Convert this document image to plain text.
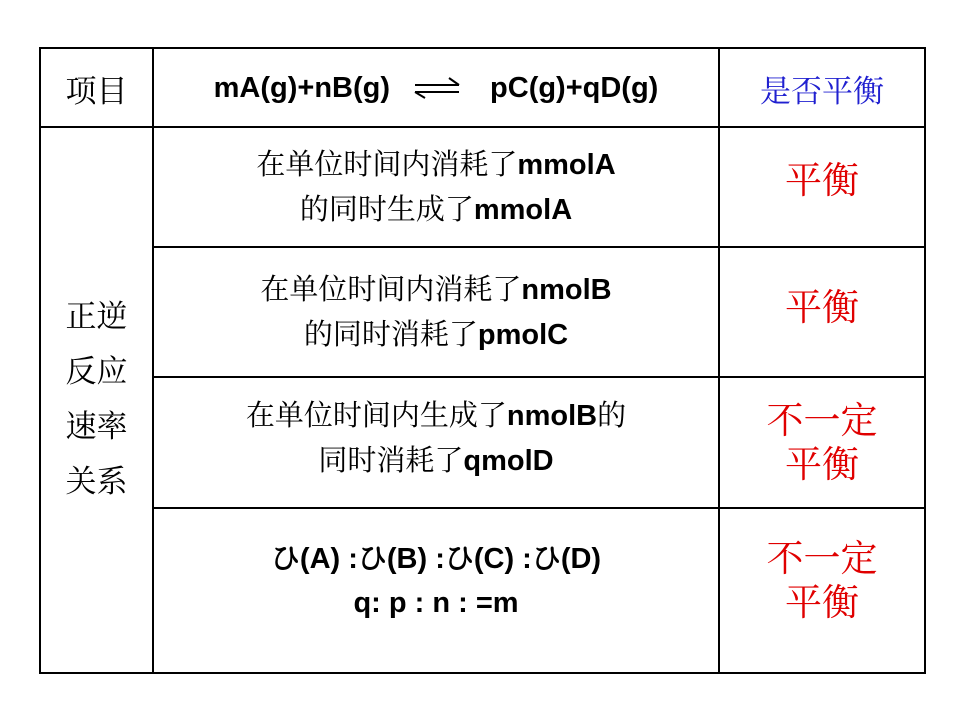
项目	mA(g)+nB(g) ⇌ pC(g)+qD(g)	是否平衡
正逆
反应
速率
关系
在单位时间内消耗了mmolA
的同时生成了mmolA
平衡
在单位时间内消耗了nmolB
的同时消耗了pmolC
平衡
在单位时间内生成了nmolB的
同时消耗了qmolD
不一定
平衡
ひ(A) :ひ(B) :ひ(C) :ひ(D)
q: p : n : =m
不一定
平衡
